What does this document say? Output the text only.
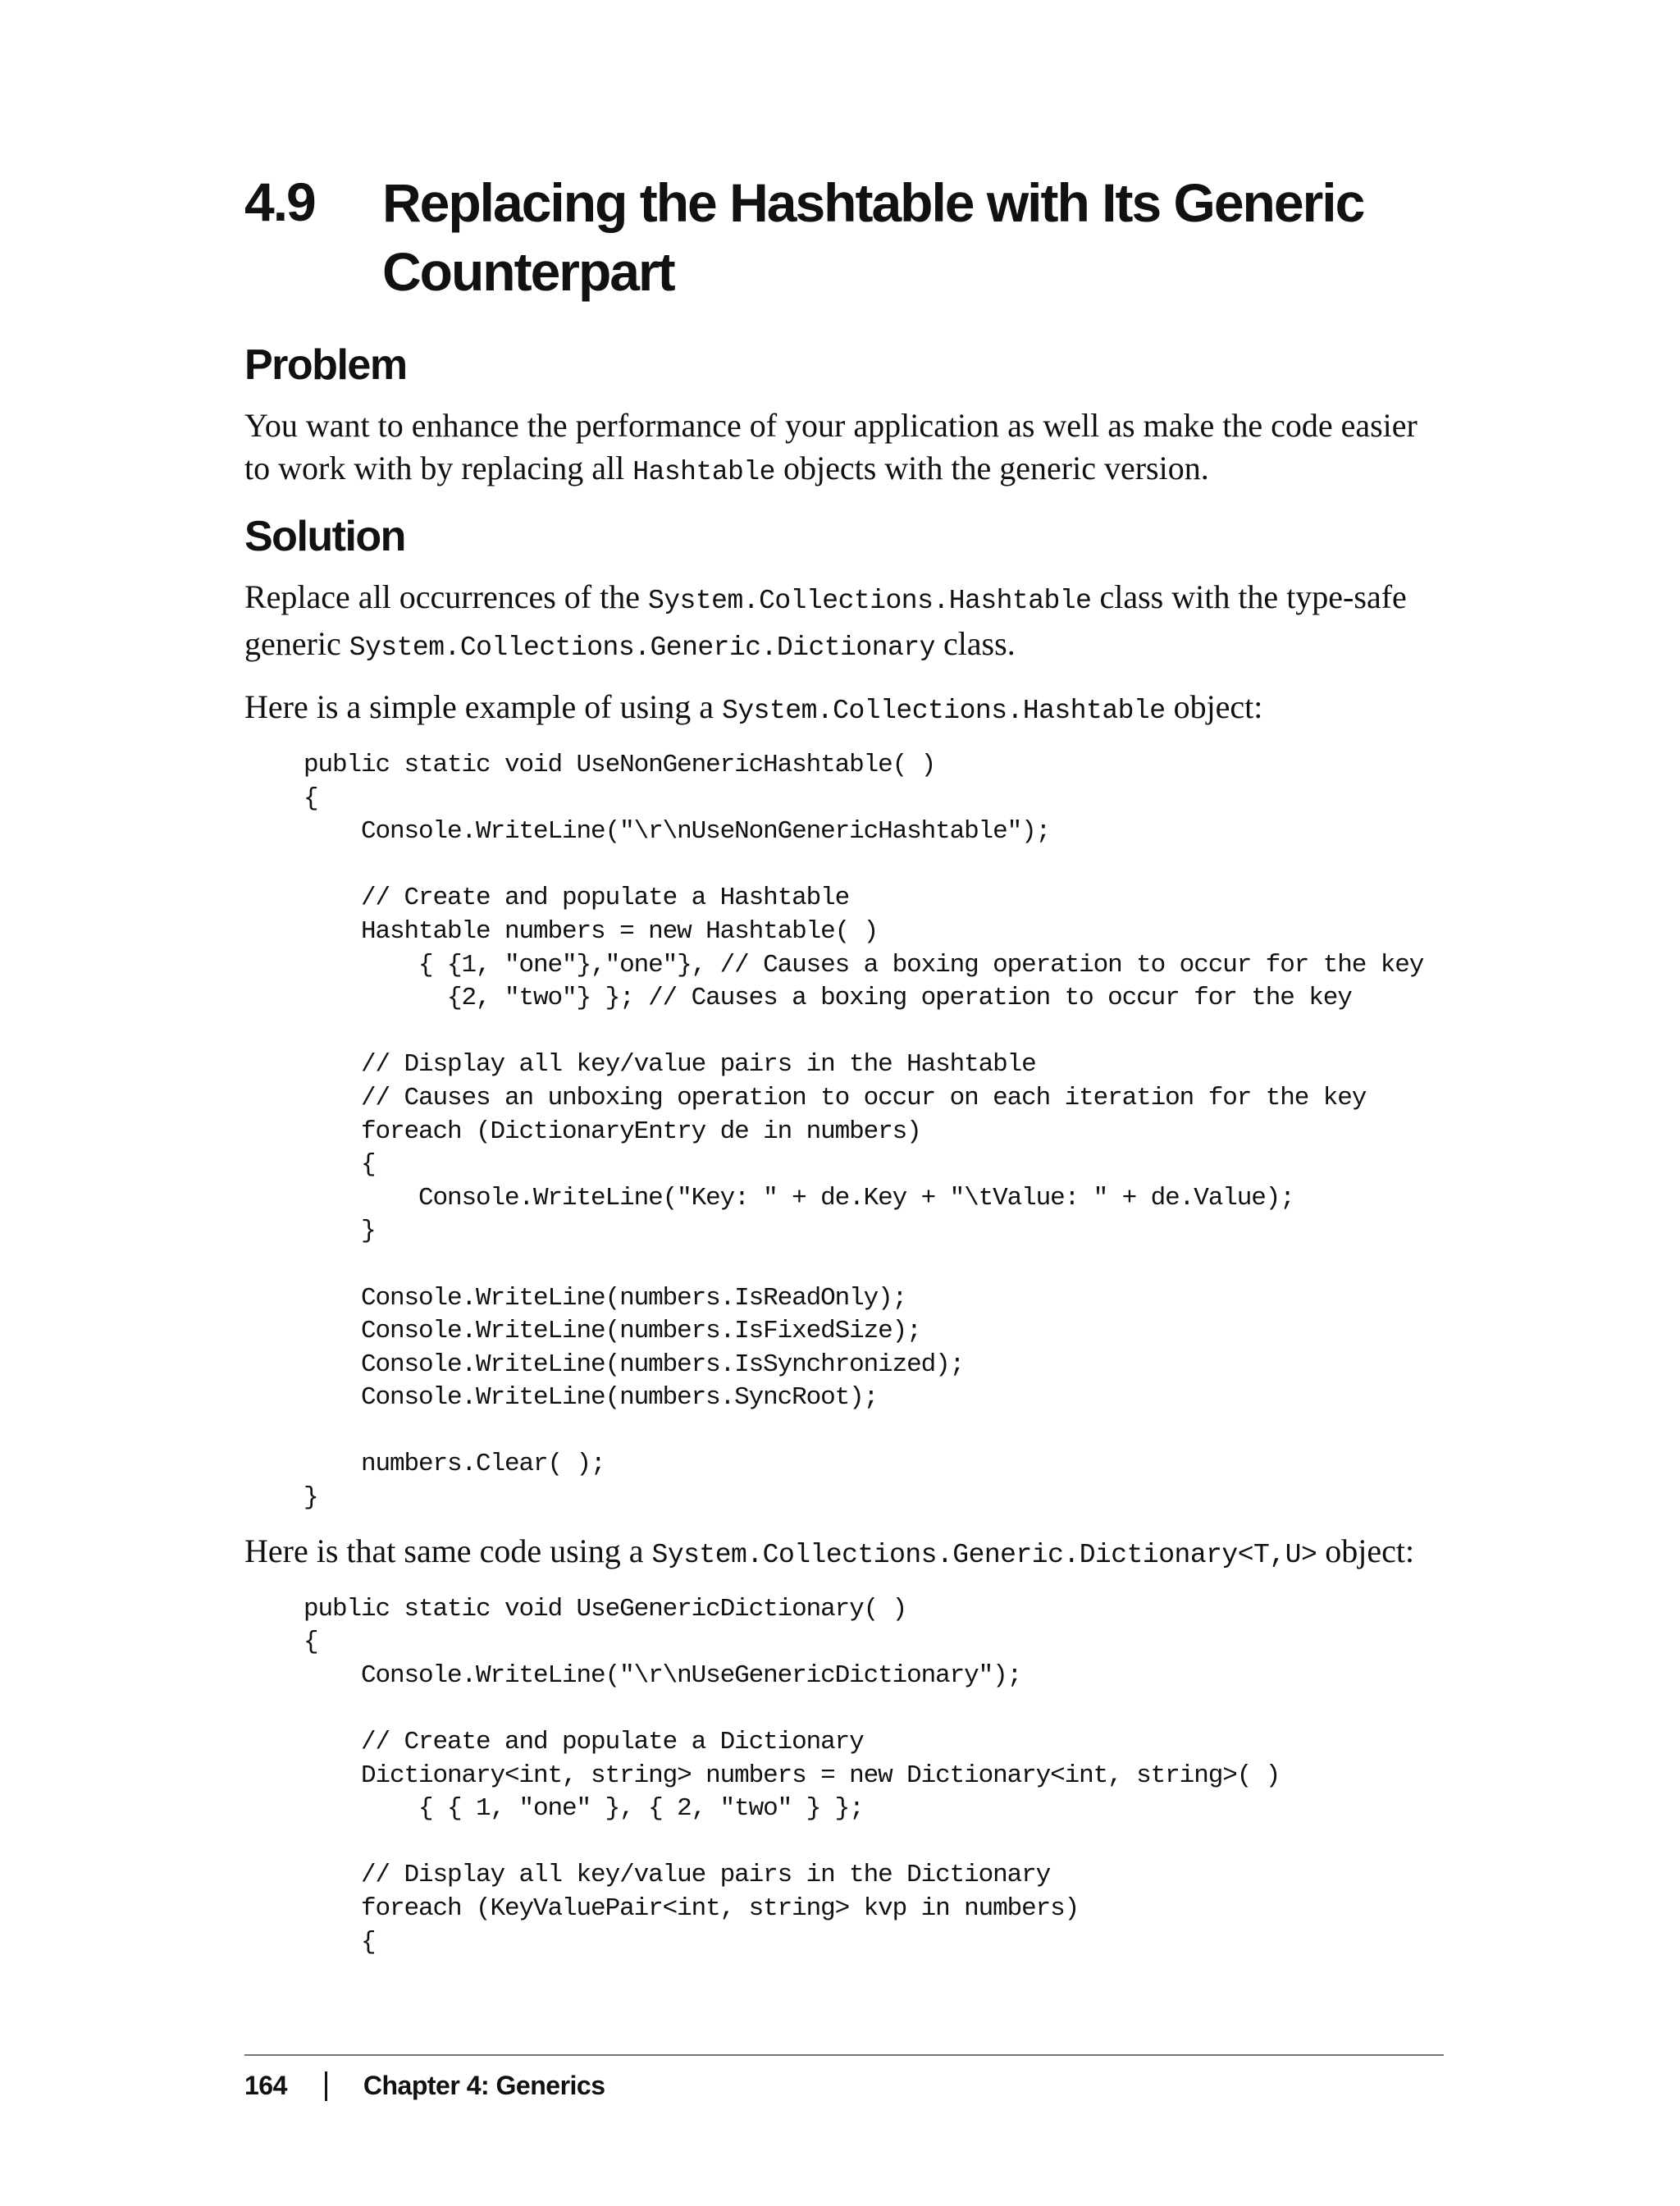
4.9	Replacing the Hashtable with Its Generic
Counterpart
Problem

You want to enhance the performance of your application as well as make the code easier to work with by replacing all Hashtable objects with the generic version.

Solution

Replace all occurrences of the System.Collections.Hashtable class with the type-safe generic System.Collections.Generic.Dictionary class.

Here is a simple example of using a System.Collections.Hashtable object:

public static void UseNonGenericHashtable( )
{
Console.WriteLine("\r\nUseNonGenericHashtable");

// Create and populate a Hashtable
Hashtable numbers = new Hashtable( )
{ {1, "one"},"one"}, // Causes a boxing operation to occur for the key
{2, "two"} }; // Causes a boxing operation to occur for the key

// Display all key/value pairs in the Hashtable
// Causes an unboxing operation to occur on each iteration for the key
foreach (DictionaryEntry de in numbers)
{
Console.WriteLine("Key: " + de.Key + "\tValue: " + de.Value);
}

Console.WriteLine(numbers.IsReadOnly);
Console.WriteLine(numbers.IsFixedSize);
Console.WriteLine(numbers.IsSynchronized);
Console.WriteLine(numbers.SyncRoot);

numbers.Clear( );
}

Here is that same code using a System.Collections.Generic.Dictionary<T,U> object:

public static void UseGenericDictionary( )
{
Console.WriteLine("\r\nUseGenericDictionary");

// Create and populate a Dictionary
Dictionary<int, string> numbers = new Dictionary<int, string>( )
{ { 1, "one" }, { 2, "two" } };

// Display all key/value pairs in the Dictionary
foreach (KeyValuePair<int, string> kvp in numbers)
{
164	Chapter 4: Generics
